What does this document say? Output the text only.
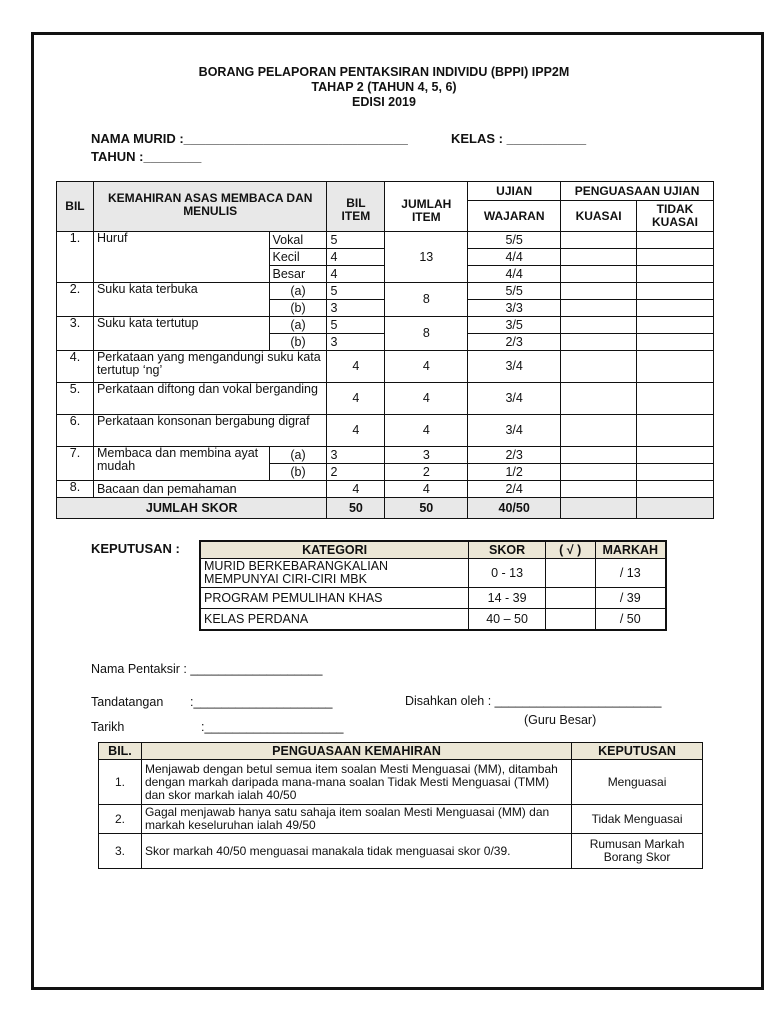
BORANG PELAPORAN PENTAKSIRAN INDIVIDU (BPPI) IPP2M
TAHAP 2 (TAHUN 4, 5, 6)
EDISI 2019
NAMA MURID :_______________________________	KELAS : ___________
TAHUN :________
BIL	KEMAHIRAN ASAS MEMBACA DAN MENULIS		BIL ITEM	JUMLAH ITEM	UJIAN	PENGUASAAN UJIAN	
					WAJARAN	KUASAI	TIDAK KUASAI
1.	Huruf	Vokal	5	13	5/5		
		Kecil	4		4/4		
		Besar	4		4/4		
2.	Suku kata terbuka	(a)	5	8	5/5		
		(b)	3		3/3		
3.	Suku kata tertutup	(a)	5	8	3/5		
		(b)	3		2/3		
4.	Perkataan yang mengandungi suku kata tertutup ‘ng’		4	4	3/4		
5.	Perkataan diftong dan vokal berganding		4	4	3/4		
6.	Perkataan konsonan bergabung digraf		4	4	3/4		
7.	Membaca dan membina ayat mudah	(a)	3	3	2/3		
		(b)	2	2	1/2		
8.	Bacaan dan pemahaman		4	4	2/4		
JUMLAH SKOR			50	50	40/50		
KEPUTUSAN :	KATEGORI	SKOR	( √ )	MARKAH
MURID BERKEBARANGKALIAN MEMPUNYAI CIRI-CIRI MBK	0 - 13		/ 13
PROGRAM PEMULIHAN KHAS	14 - 39		/ 39
KELAS PERDANA	40 – 50		/ 50
Nama Pentaksir : ___________________
Tandatangan :____________________	Disahkan oleh : ________________________
Tarikh	:____________________	(Guru Besar)
BIL.	PENGUASAAN KEMAHIRAN	KEPUTUSAN
1.	Menjawab dengan betul semua item soalan Mesti Menguasai (MM), ditambah dengan markah daripada mana-mana soalan Tidak Mesti Menguasai (TMM) dan skor markah ialah 40/50	Menguasai
2.	Gagal menjawab hanya satu sahaja item soalan Mesti Menguasai (MM) dan markah keseluruhan ialah 49/50	Tidak Menguasai
3.	Skor markah 40/50 menguasai manakala tidak menguasai skor 0/39.	Rumusan Markah Borang Skor
